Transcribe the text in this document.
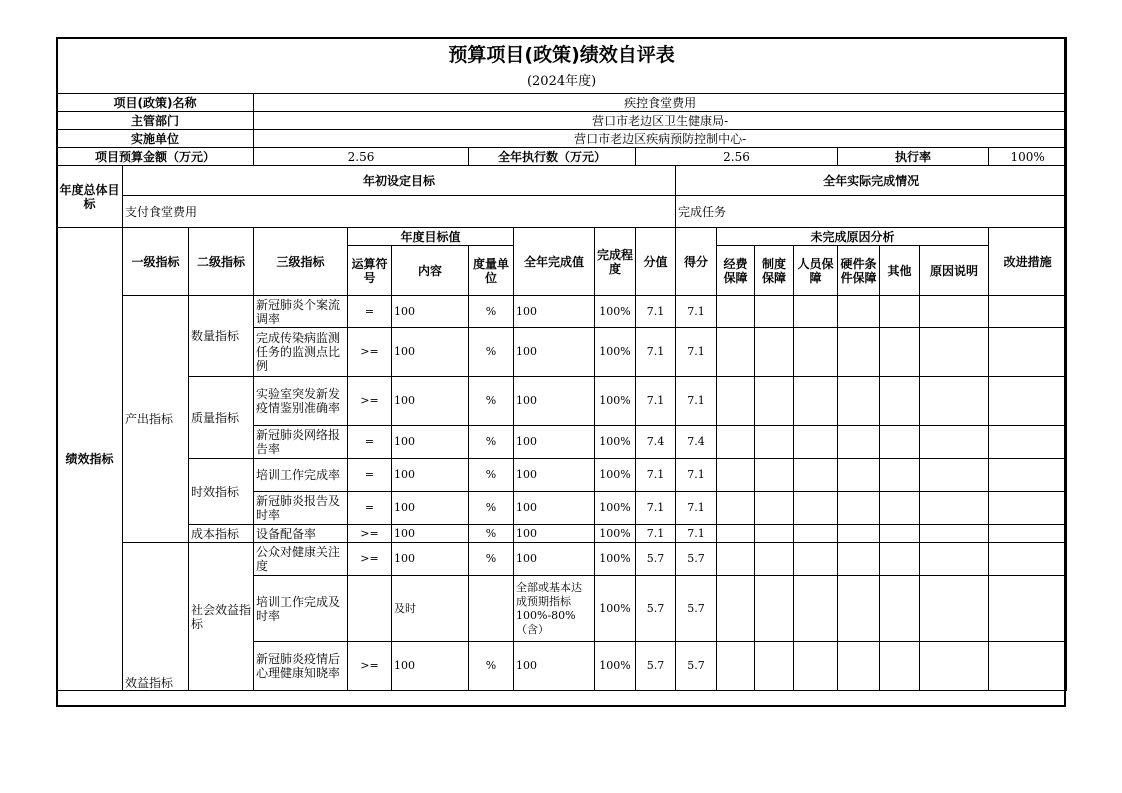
预算项目(政策)绩效自评表																	
(2024年度)																	
项目(政策)名称			疾控食堂费用														
主管部门			营口市老边区卫生健康局-														
实施单位			营口市老边区疾病预防控制中心-														
项目预算金额（万元）			2.56			全年执行数（万元）			2.56					执行率			100%
年度总体目标	年初设定目标									全年实际完成情况							
	支付食堂费用									完成任务							
绩效指标	一级指标	二级指标	三级指标	年度目标值			全年完成值	完成程度	分值	得分	未完成原因分析						改进措施
				运算符号	内容	度量单位					经费保障	制度保障	人员保障	硬件条件保障	其他	原因说明	
	产出指标	数量指标	新冠肺炎个案流调率	=	100	%	100	100%	7.1	7.1							
			完成传染病监测任务的监测点比例	>=	100	%	100	100%	7.1	7.1							
		质量指标	实验室突发新发疫情鉴别准确率	>=	100	%	100	100%	7.1	7.1							
			新冠肺炎网络报告率	=	100	%	100	100%	7.4	7.4							
		时效指标	培训工作完成率	=	100	%	100	100%	7.1	7.1							
			新冠肺炎报告及时率	=	100	%	100	100%	7.1	7.1							
		成本指标	设备配备率	>=	100	%	100	100%	7.1	7.1							
	效益指标	社会效益指标	公众对健康关注度	>=	100	%	100	100%	5.7	5.7							
			培训工作完成及时率		及时		全部或基本达成预期指标100%-80%（含）	100%	5.7	5.7							
			新冠肺炎疫情后心理健康知晓率	>=	100	%	100	100%	5.7	5.7							
